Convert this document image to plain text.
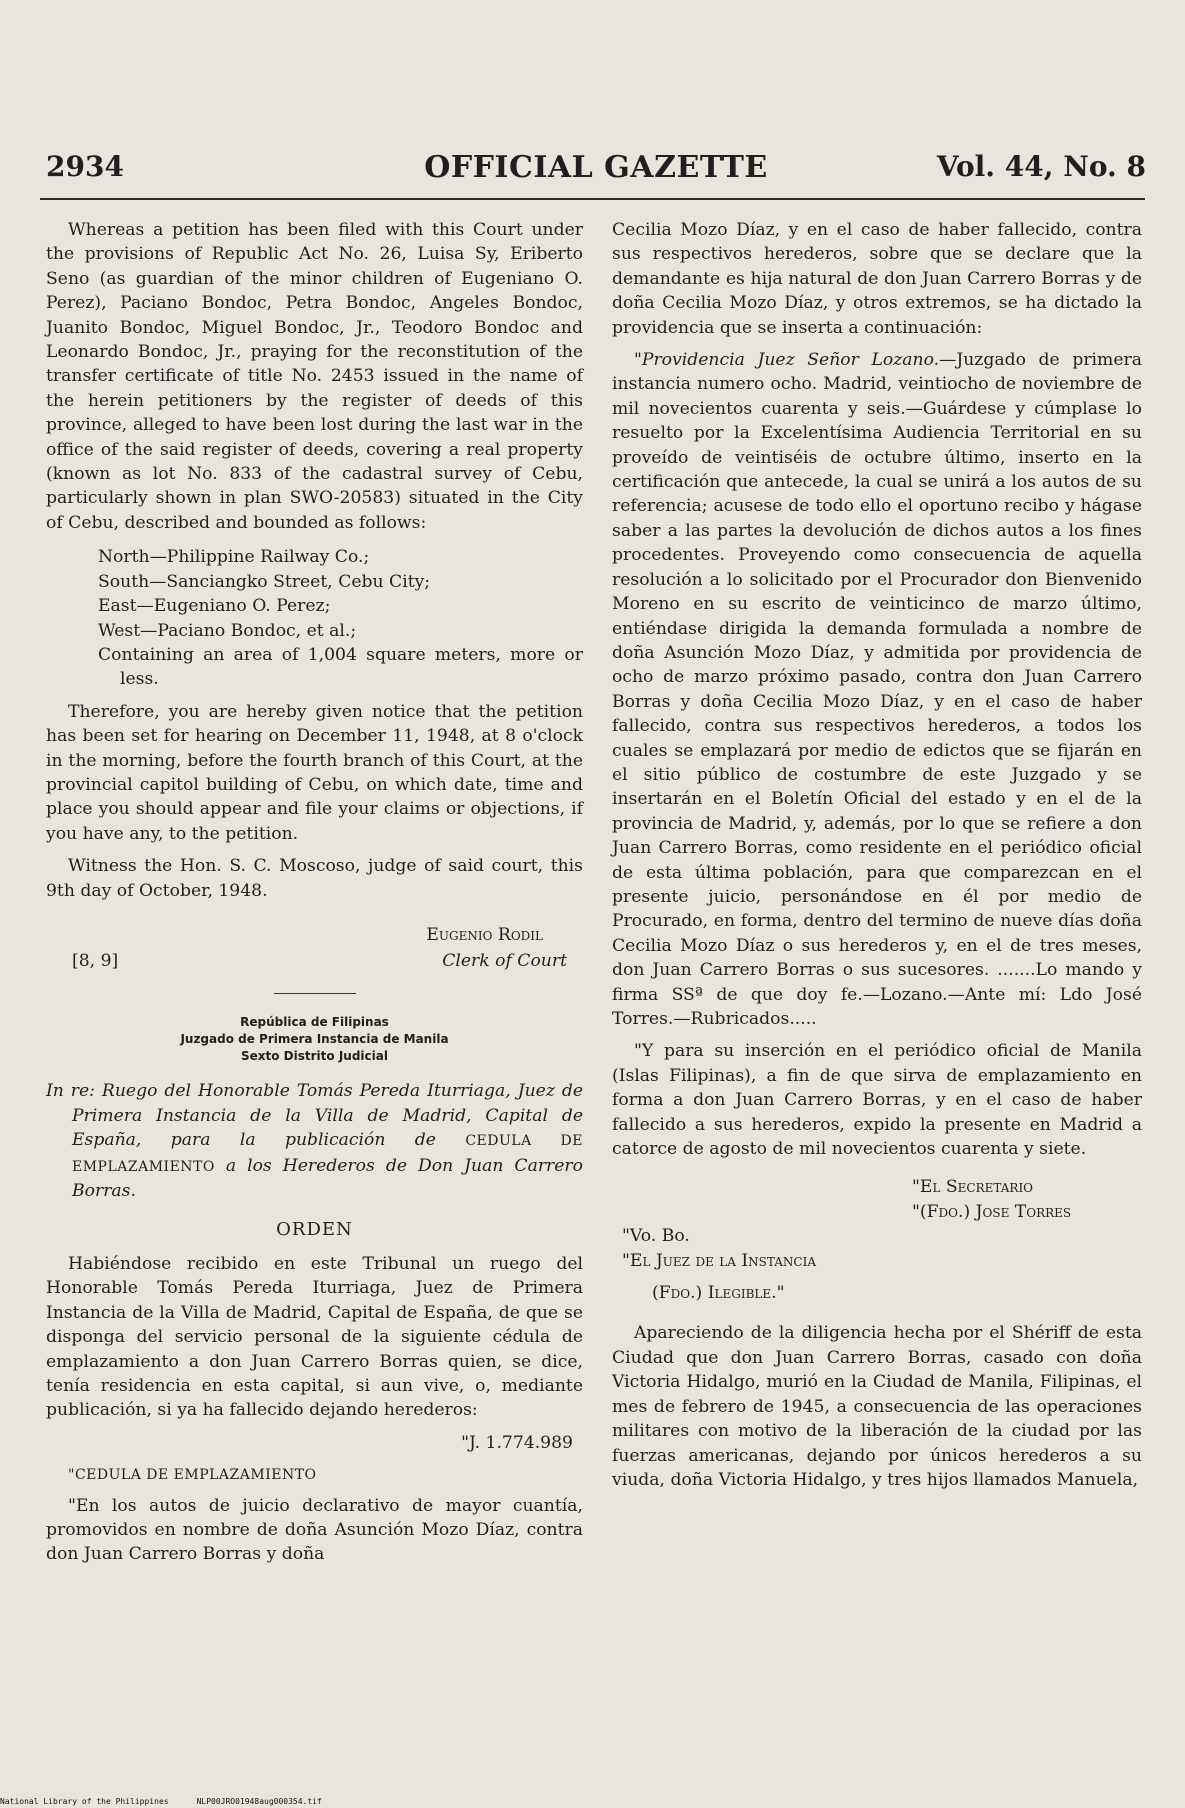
2934	OFFICIAL GAZETTE	Vol. 44, No. 8

Whereas a petition has been filed with this Court under the provisions of Republic Act No. 26, Luisa Sy, Eriberto Seno (as guardian of the minor children of Eugeniano O. Perez), Paciano Bondoc, Petra Bondoc, Angeles Bondoc, Juanito Bondoc, Miguel Bondoc, Jr., Teodoro Bondoc and Leonardo Bondoc, Jr., praying for the reconstitution of the transfer certificate of title No. 2453 issued in the name of the herein petitioners by the register of deeds of this province, alleged to have been lost during the last war in the office of the said register of deeds, covering a real property (known as lot No. 833 of the cadastral survey of Cebu, particularly shown in plan SWO-20583) situated in the City of Cebu, described and bounded as follows:

North—Philippine Railway Co.;
South—Sanciangko Street, Cebu City;
East—Eugeniano O. Perez;
West—Paciano Bondoc, et al.;
Containing an area of 1,004 square meters, more or less.

Therefore, you are hereby given notice that the petition has been set for hearing on December 11, 1948, at 8 o'clock in the morning, before the fourth branch of this Court, at the provincial capitol building of Cebu, on which date, time and place you should appear and file your claims or objections, if you have any, to the petition.

Witness the Hon. S. C. Moscoso, judge of said court, this 9th day of October, 1948.

Eugenio Rodil
[8, 9]	Clerk of Court
República de Filipinas
Juzgado de Primera Instancia de Manila
Sexto Distrito Judicial

In re: Ruego del Honorable Tomás Pereda Iturriaga, Juez de Primera Instancia de la Villa de Madrid, Capital de España, para la publicación de CEDULA DE EMPLAZAMIENTO a los Herederos de Don Juan Carrero Borras.

ORDEN

Habiéndose recibido en este Tribunal un ruego del Honorable Tomás Pereda Iturriaga, Juez de Primera Instancia de la Villa de Madrid, Capital de España, de que se disponga del servicio personal de la siguiente cédula de emplazamiento a don Juan Carrero Borras quien, se dice, tenía residencia en esta capital, si aun vive, o, mediante publicación, si ya ha fallecido dejando herederos:

"J. 1.774.989
"CEDULA DE EMPLAZAMIENTO

"En los autos de juicio declarativo de mayor cuantía, promovidos en nombre de doña Asunción Mozo Díaz, contra don Juan Carrero Borras y doña

Cecilia Mozo Díaz, y en el caso de haber fallecido, contra sus respectivos herederos, sobre que se declare que la demandante es hija natural de don Juan Carrero Borras y de doña Cecilia Mozo Díaz, y otros extremos, se ha dictado la providencia que se inserta a continuación:

"Providencia Juez Señor Lozano.—Juzgado de primera instancia numero ocho. Madrid, veintiocho de noviembre de mil novecientos cuarenta y seis.—Guárdese y cúmplase lo resuelto por la Excelentísima Audiencia Territorial en su proveído de veintiséis de octubre último, inserto en la certificación que antecede, la cual se unirá a los autos de su referencia; acusese de todo ello el oportuno recibo y hágase saber a las partes la devolución de dichos autos a los fines procedentes. Proveyendo como consecuencia de aquella resolución a lo solicitado por el Procurador don Bienvenido Moreno en su escrito de veinticinco de marzo último, entiéndase dirigida la demanda formulada a nombre de doña Asunción Mozo Díaz, y admitida por providencia de ocho de marzo próximo pasado, contra don Juan Carrero Borras y doña Cecilia Mozo Díaz, y en el caso de haber fallecido, contra sus respectivos herederos, a todos los cuales se emplazará por medio de edictos que se fijarán en el sitio público de costumbre de este Juzgado y se insertarán en el Boletín Oficial del estado y en el de la provincia de Madrid, y, además, por lo que se refiere a don Juan Carrero Borras, como residente en el periódico oficial de esta última población, para que comparezcan en el presente juicio, personándose en él por medio de Procurado, en forma, dentro del termino de nueve días doña Cecilia Mozo Díaz o sus herederos y, en el de tres meses, don Juan Carrero Borras o sus sucesores. .......Lo mando y firma SSª de que doy fe.—Lozano.—Ante mí: Ldo José Torres.—Rubricados.....

"Y para su inserción en el periódico oficial de Manila (Islas Filipinas), a fin de que sirva de emplazamiento en forma a don Juan Carrero Borras, y en el caso de haber fallecido a sus herederos, expido la presente en Madrid a catorce de agosto de mil novecientos cuarenta y siete.

"El Secretario
"(Fdo.) Jose Torres
"Vo. Bo.
"El Juez de la Instancia
(Fdo.) Ilegible."

Apareciendo de la diligencia hecha por el Shériff de esta Ciudad que don Juan Carrero Borras, casado con doña Victoria Hidalgo, murió en la Ciudad de Manila, Filipinas, el mes de febrero de 1945, a consecuencia de las operaciones militares con motivo de la liberación de la ciudad por las fuerzas americanas, dejando por únicos herederos a su viuda, doña Victoria Hidalgo, y tres hijos llamados Manuela,

National Library of the Philippines	NLP00JRO01948aug000354.tif
